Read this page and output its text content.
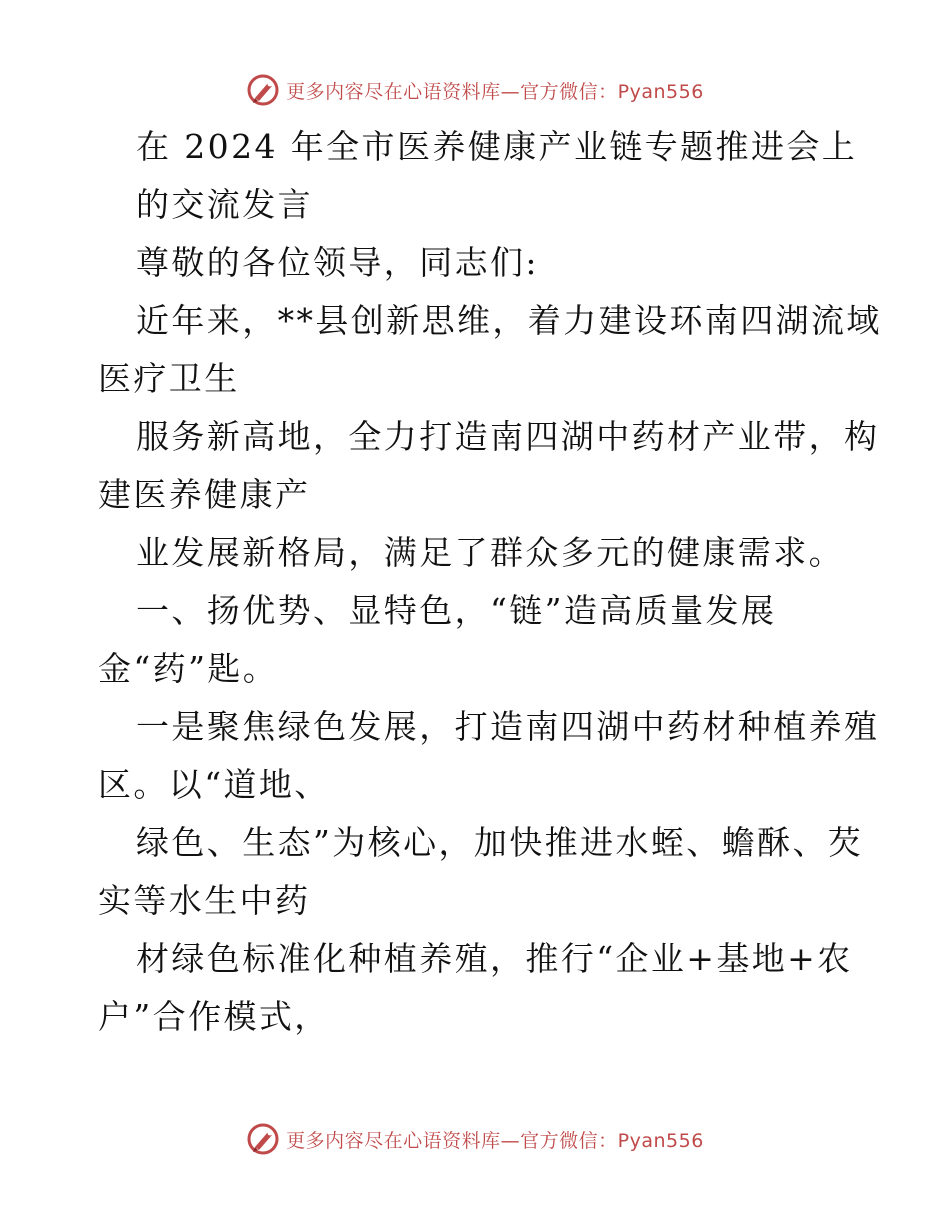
更多内容尽在心语资料库—官方微信：Pyan556
在 2024 年全市医养健康产业链专题推进会上
的交流发言
尊敬的各位领导，同志们:
近年来，**县创新思维，着力建设环南四湖流域
医疗卫生
服务新高地，全力打造南四湖中药材产业带，构
建医养健康产
业发展新格局，满足了群众多元的健康需求。
一、扬优势、显特色，“链”造高质量发展
金“药”匙。
一是聚焦绿色发展，打造南四湖中药材种植养殖
区。以“道地、
绿色、生态”为核心，加快推进水蛭、蟾酥、芡
实等水生中药
材绿色标准化种植养殖，推行“企业+基地+农
户”合作模式，
更多内容尽在心语资料库—官方微信：Pyan556
